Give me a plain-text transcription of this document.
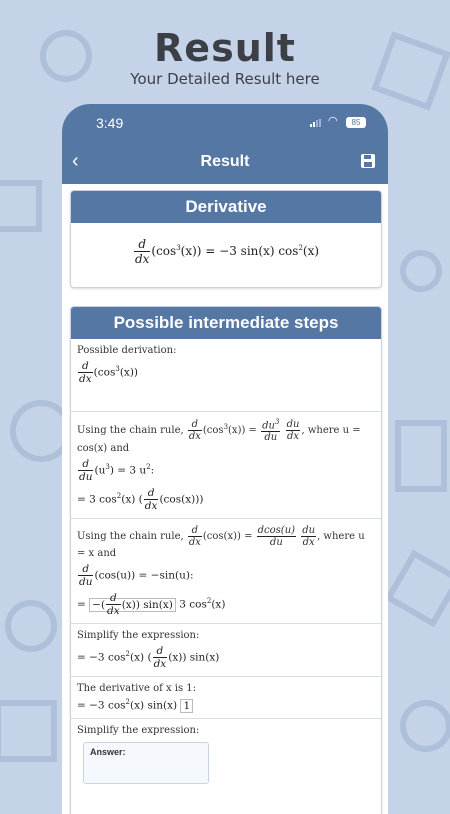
Result
Your Detailed Result here
3:49	◠	85
‹	Result
Derivative
$\frac{d}{dx} (\cos^3(x)) = -3$ sin(x) $\cos^2(x)$
Possible intermediate steps
Possible derivation:
$\frac{d}{dx} (\cos^3(x))$
Using the chain rule, $\frac{d}{dx} (\cos^3(x)) = \frac{du^3}{du}$
$\frac{du}{dx}$ , where u = cos(x) and
$\frac{d}{du} (u^3) = 3$ $u^2$:
= 3 $\cos^2(x)$ ( $\frac{d}{dx} (\cos(x))$)
Using the chain rule, $\frac{d}{dx} (\cos(x)) = \frac{dcos(u)}{du}$
$\frac{du}{dx}$ , where u = x and
$\frac{d}{du} (\cos(u)) = -\sin(u)$:
= −( $\frac{d}{dx} (x)$) sin(x) 3 $\cos^2(x)$
Simplify the expression:
= −3 $\cos^2(x)$ ( $\frac{d}{dx} (x)$) sin(x)
The derivative of x is 1:
= −3 $\cos^2(x)$ sin(x) 1
Simplify the expression:
Answer:
